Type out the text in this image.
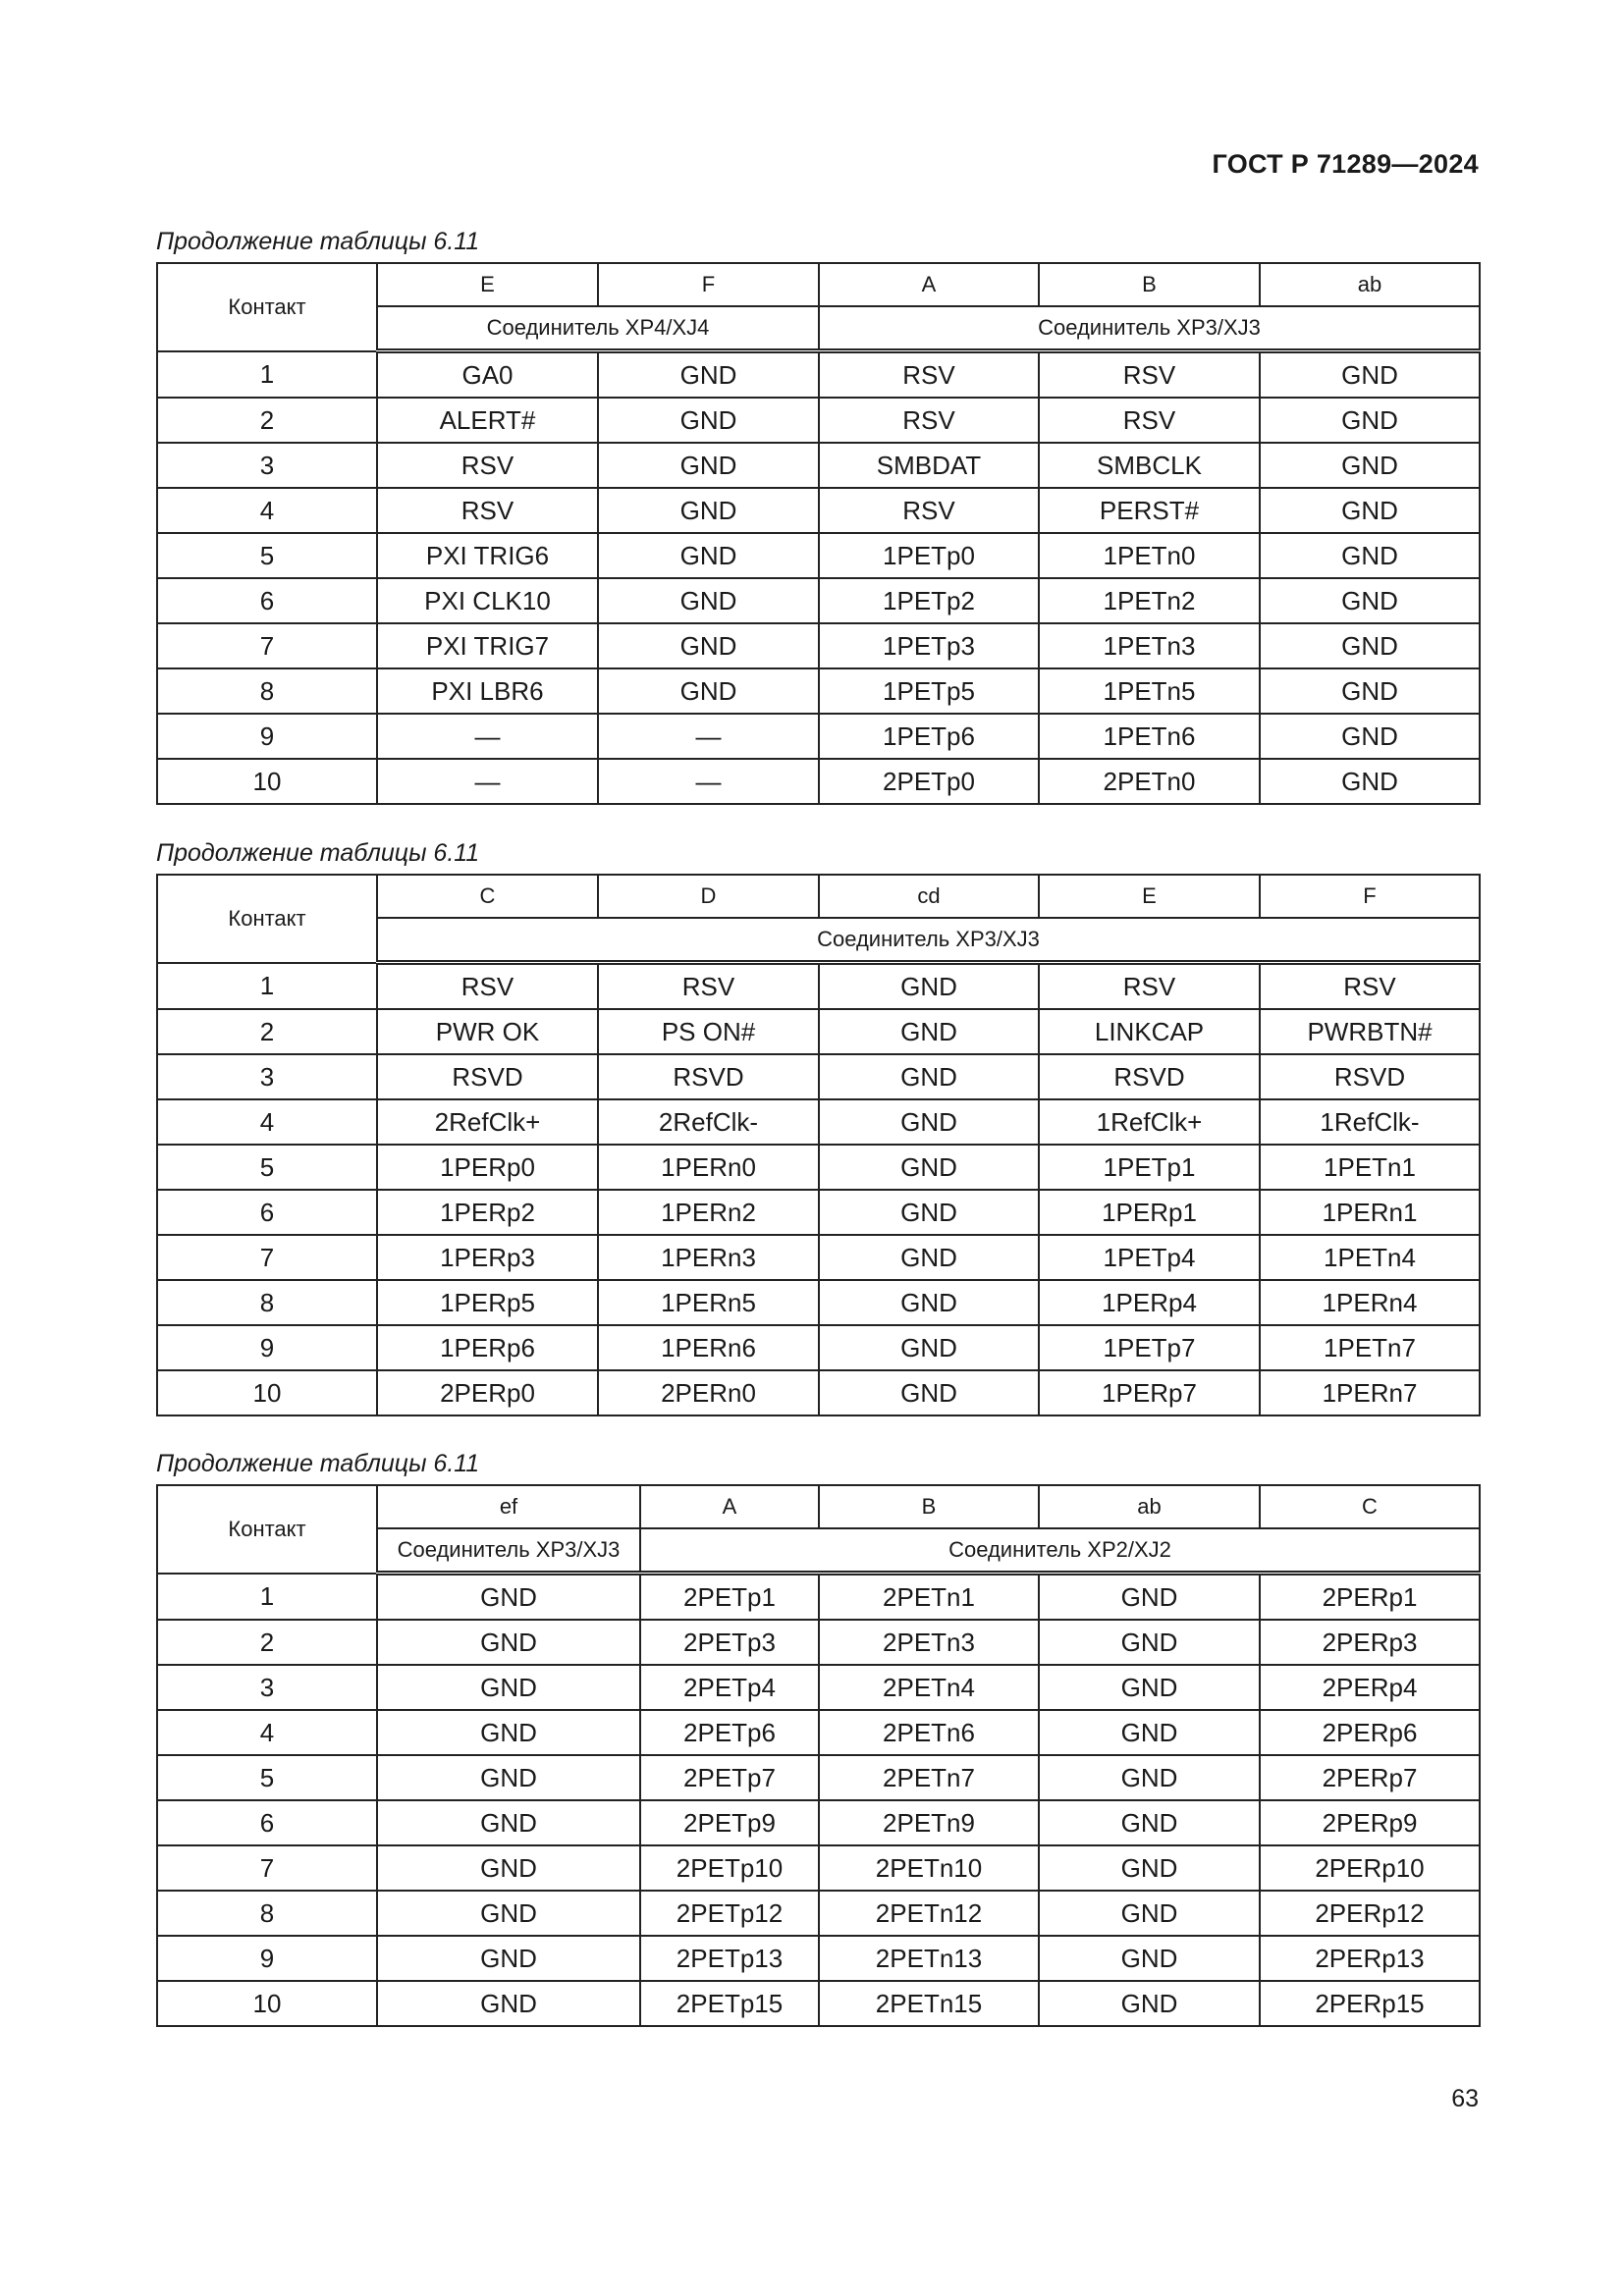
ГОСТ Р 71289—2024
Продолжение таблицы 6.11
Контакт	E	F	A	B	ab
	Соединитель XP4/XJ4		Соединитель XP3/XJ3		
1	GA0	GND	RSV	RSV	GND
2	ALERT#	GND	RSV	RSV	GND
3	RSV	GND	SMBDAT	SMBCLK	GND
4	RSV	GND	RSV	PERST#	GND
5	PXI TRIG6	GND	1PETp0	1PETn0	GND
6	PXI CLK10	GND	1PETp2	1PETn2	GND
7	PXI TRIG7	GND	1PETp3	1PETn3	GND
8	PXI LBR6	GND	1PETp5	1PETn5	GND
9	—	—	1PETp6	1PETn6	GND
10	—	—	2PETp0	2PETn0	GND
Продолжение таблицы 6.11
Контакт	C	D	cd	E	F
	Соединитель XP3/XJ3				
1	RSV	RSV	GND	RSV	RSV
2	PWR OK	PS ON#	GND	LINKCAP	PWRBTN#
3	RSVD	RSVD	GND	RSVD	RSVD
4	2RefClk+	2RefClk-	GND	1RefClk+	1RefClk-
5	1PERp0	1PERn0	GND	1PETp1	1PETn1
6	1PERp2	1PERn2	GND	1PERp1	1PERn1
7	1PERp3	1PERn3	GND	1PETp4	1PETn4
8	1PERp5	1PERn5	GND	1PERp4	1PERn4
9	1PERp6	1PERn6	GND	1PETp7	1PETn7
10	2PERp0	2PERn0	GND	1PERp7	1PERn7
Продолжение таблицы 6.11
Контакт	ef	A	B	ab	C
	Соединитель XP3/XJ3	Соединитель XP2/XJ2			
1	GND	2PETp1	2PETn1	GND	2PERp1
2	GND	2PETp3	2PETn3	GND	2PERp3
3	GND	2PETp4	2PETn4	GND	2PERp4
4	GND	2PETp6	2PETn6	GND	2PERp6
5	GND	2PETp7	2PETn7	GND	2PERp7
6	GND	2PETp9	2PETn9	GND	2PERp9
7	GND	2PETp10	2PETn10	GND	2PERp10
8	GND	2PETp12	2PETn12	GND	2PERp12
9	GND	2PETp13	2PETn13	GND	2PERp13
10	GND	2PETp15	2PETn15	GND	2PERp15
63
